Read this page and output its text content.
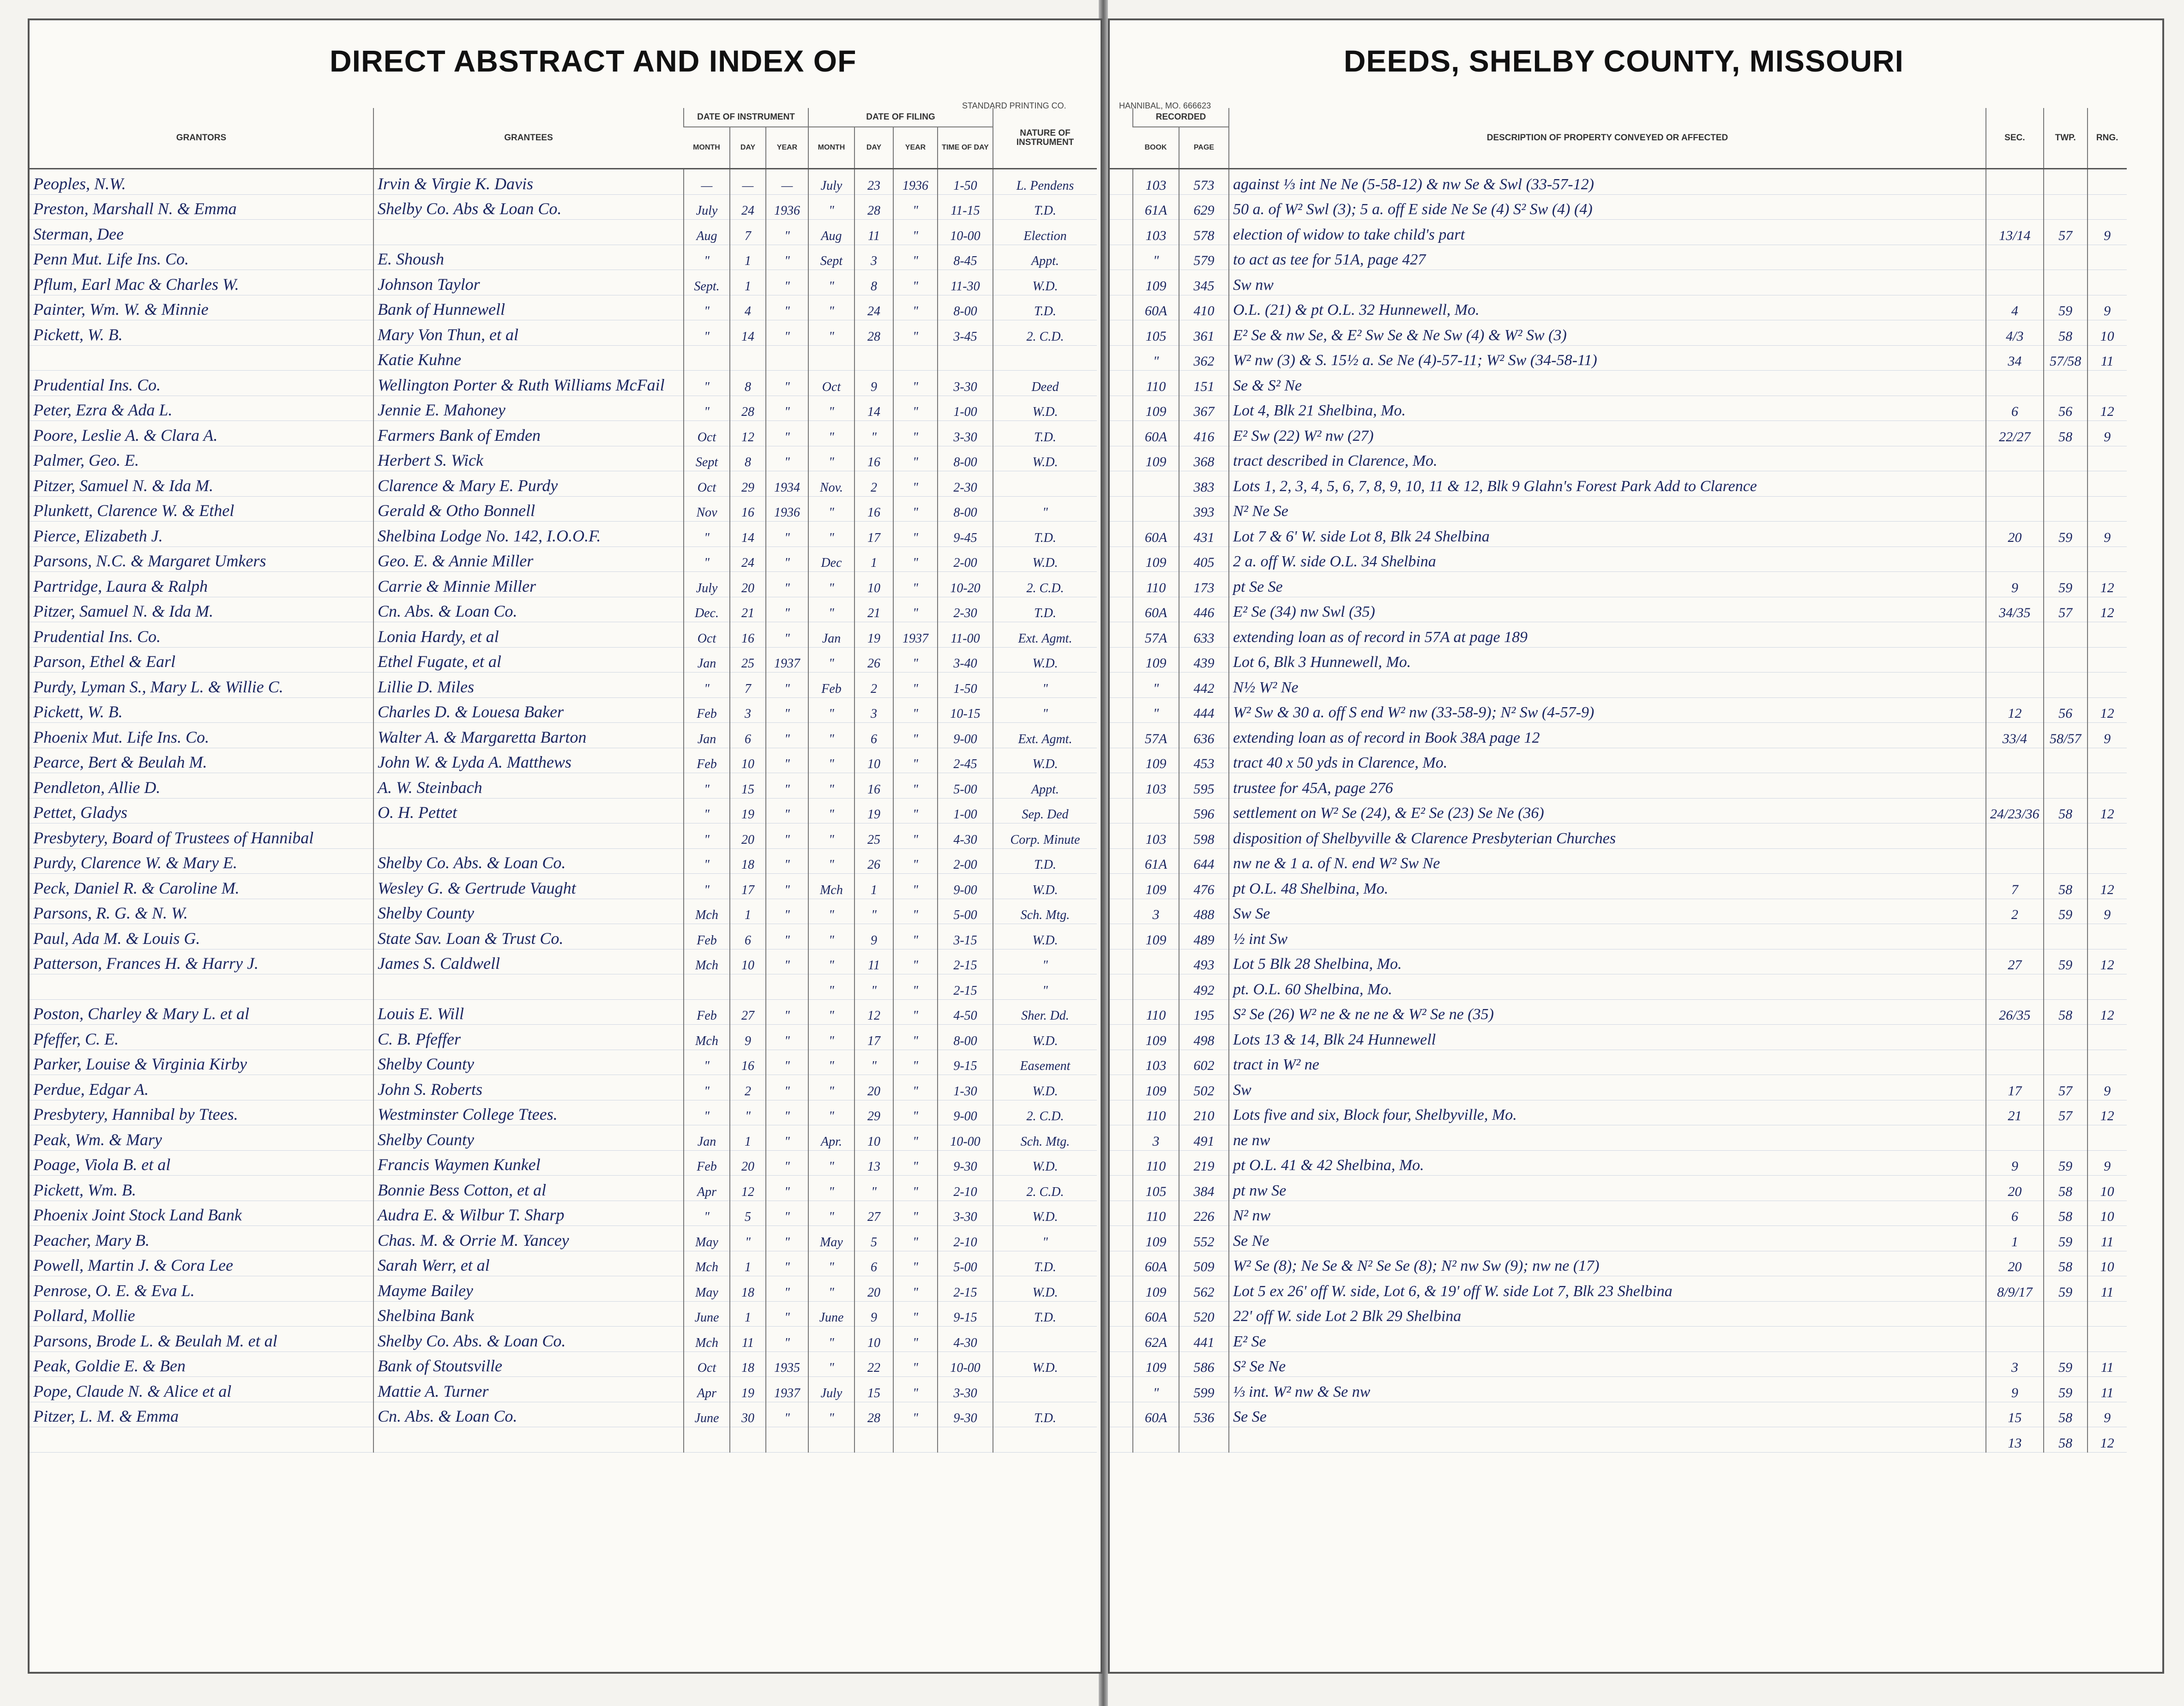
DIRECT ABSTRACT AND INDEX OF
STANDARD PRINTING CO.
GRANTORS	GRANTEES	DATE OF INSTRUMENT			DATE OF FILING				NATURE OF INSTRUMENT
		MONTH	DAY	YEAR	MONTH	DAY	YEAR	TIME OF DAY	
Peoples, N.W.	Irvin & Virgie K. Davis	—	—	—	July	23	1936	1-50	L. Pendens
Preston, Marshall N. & Emma	Shelby Co. Abs & Loan Co.	July	24	1936	"	28	"	11-15	T.D.
Sterman, Dee		Aug	7	"	Aug	11	"	10-00	Election
Penn Mut. Life Ins. Co.	E. Shoush	"	1	"	Sept	3	"	8-45	Appt.
Pflum, Earl Mac & Charles W.	Johnson Taylor	Sept.	1	"	"	8	"	11-30	W.D.
Painter, Wm. W. & Minnie	Bank of Hunnewell	"	4	"	"	24	"	8-00	T.D.
Pickett, W. B.	Mary Von Thun, et al	"	14	"	"	28	"	3-45	2. C.D.
	Katie Kuhne								
Prudential Ins. Co.	Wellington Porter & Ruth Williams McFail	"	8	"	Oct	9	"	3-30	Deed
Peter, Ezra & Ada L.	Jennie E. Mahoney	"	28	"	"	14	"	1-00	W.D.
Poore, Leslie A. & Clara A.	Farmers Bank of Emden	Oct	12	"	"	"	"	3-30	T.D.
Palmer, Geo. E.	Herbert S. Wick	Sept	8	"	"	16	"	8-00	W.D.
Pitzer, Samuel N. & Ida M.	Clarence & Mary E. Purdy	Oct	29	1934	Nov.	2	"	2-30	
Plunkett, Clarence W. & Ethel	Gerald & Otho Bonnell	Nov	16	1936	"	16	"	8-00	"
Pierce, Elizabeth J.	Shelbina Lodge No. 142, I.O.O.F.	"	14	"	"	17	"	9-45	T.D.
Parsons, N.C. & Margaret Umkers	Geo. E. & Annie Miller	"	24	"	Dec	1	"	2-00	W.D.
Partridge, Laura & Ralph	Carrie & Minnie Miller	July	20	"	"	10	"	10-20	2. C.D.
Pitzer, Samuel N. & Ida M.	Cn. Abs. & Loan Co.	Dec.	21	"	"	21	"	2-30	T.D.
Prudential Ins. Co.	Lonia Hardy, et al	Oct	16	"	Jan	19	1937	11-00	Ext. Agmt.
Parson, Ethel & Earl	Ethel Fugate, et al	Jan	25	1937	"	26	"	3-40	W.D.
Purdy, Lyman S., Mary L. & Willie C.	Lillie D. Miles	"	7	"	Feb	2	"	1-50	"
Pickett, W. B.	Charles D. & Louesa Baker	Feb	3	"	"	3	"	10-15	"
Phoenix Mut. Life Ins. Co.	Walter A. & Margaretta Barton	Jan	6	"	"	6	"	9-00	Ext. Agmt.
Pearce, Bert & Beulah M.	John W. & Lyda A. Matthews	Feb	10	"	"	10	"	2-45	W.D.
Pendleton, Allie D.	A. W. Steinbach	"	15	"	"	16	"	5-00	Appt.
Pettet, Gladys	O. H. Pettet	"	19	"	"	19	"	1-00	Sep. Ded
Presbytery, Board of Trustees of Hannibal		"	20	"	"	25	"	4-30	Corp. Minute
Purdy, Clarence W. & Mary E.	Shelby Co. Abs. & Loan Co.	"	18	"	"	26	"	2-00	T.D.
Peck, Daniel R. & Caroline M.	Wesley G. & Gertrude Vaught	"	17	"	Mch	1	"	9-00	W.D.
Parsons, R. G. & N. W.	Shelby County	Mch	1	"	"	"	"	5-00	Sch. Mtg.
Paul, Ada M. & Louis G.	State Sav. Loan & Trust Co.	Feb	6	"	"	9	"	3-15	W.D.
Patterson, Frances H. & Harry J.	James S. Caldwell	Mch	10	"	"	11	"	2-15	"
					"	"	"	2-15	"
Poston, Charley & Mary L. et al	Louis E. Will	Feb	27	"	"	12	"	4-50	Sher. Dd.
Pfeffer, C. E.	C. B. Pfeffer	Mch	9	"	"	17	"	8-00	W.D.
Parker, Louise & Virginia Kirby	Shelby County	"	16	"	"	"	"	9-15	Easement
Perdue, Edgar A.	John S. Roberts	"	2	"	"	20	"	1-30	W.D.
Presbytery, Hannibal by Ttees.	Westminster College Ttees.	"	"	"	"	29	"	9-00	2. C.D.
Peak, Wm. & Mary	Shelby County	Jan	1	"	Apr.	10	"	10-00	Sch. Mtg.
Poage, Viola B. et al	Francis Waymen Kunkel	Feb	20	"	"	13	"	9-30	W.D.
Pickett, Wm. B.	Bonnie Bess Cotton, et al	Apr	12	"	"	"	"	2-10	2. C.D.
Phoenix Joint Stock Land Bank	Audra E. & Wilbur T. Sharp	"	5	"	"	27	"	3-30	W.D.
Peacher, Mary B.	Chas. M. & Orrie M. Yancey	May	"	"	May	5	"	2-10	"
Powell, Martin J. & Cora Lee	Sarah Werr, et al	Mch	1	"	"	6	"	5-00	T.D.
Penrose, O. E. & Eva L.	Mayme Bailey	May	18	"	"	20	"	2-15	W.D.
Pollard, Mollie	Shelbina Bank	June	1	"	June	9	"	9-15	T.D.
Parsons, Brode L. & Beulah M. et al	Shelby Co. Abs. & Loan Co.	Mch	11	"	"	10	"	4-30	
Peak, Goldie E. & Ben	Bank of Stoutsville	Oct	18	1935	"	22	"	10-00	W.D.
Pope, Claude N. & Alice et al	Mattie A. Turner	Apr	19	1937	July	15	"	3-30	
Pitzer, L. M. & Emma	Cn. Abs. & Loan Co.	June	30	"	"	28	"	9-30	T.D.

DEEDS, SHELBY COUNTY, MISSOURI
HANNIBAL, MO. 666623
	RECORDED		DESCRIPTION OF PROPERTY CONVEYED OR AFFECTED	SEC.	TWP.	RNG.
	BOOK	PAGE				
	103	573	against ⅓ int Ne Ne (5-58-12) & nw Se & Swl (33-57-12)			
	61A	629	50 a. of W² Swl (3); 5 a. off E side Ne Se (4) S² Sw (4) (4)			
	103	578	election of widow to take child's part	13/14	57	9
	"	579	to act as tee for 51A, page 427			
	109	345	Sw nw			
	60A	410	O.L. (21) & pt O.L. 32 Hunnewell, Mo.	4	59	9
	105	361	E² Se & nw Se, & E² Sw Se & Ne Sw (4) & W² Sw (3)	4/3	58	10
	"	362	W² nw (3) & S. 15½ a. Se Ne (4)-57-11; W² Sw (34-58-11)	34	57/58	11
	110	151	Se & S² Ne			
	109	367	Lot 4, Blk 21 Shelbina, Mo.	6	56	12
	60A	416	E² Sw (22) W² nw (27)	22/27	58	9
	109	368	tract described in Clarence, Mo.			
		383	Lots 1, 2, 3, 4, 5, 6, 7, 8, 9, 10, 11 & 12, Blk 9 Glahn's Forest Park Add to Clarence			
		393	N² Ne Se			
	60A	431	Lot 7 & 6' W. side Lot 8, Blk 24 Shelbina	20	59	9
	109	405	2 a. off W. side O.L. 34 Shelbina			
	110	173	pt Se Se	9	59	12
	60A	446	E² Se (34) nw Swl (35)	34/35	57	12
	57A	633	extending loan as of record in 57A at page 189			
	109	439	Lot 6, Blk 3 Hunnewell, Mo.			
	"	442	N½ W² Ne			
	"	444	W² Sw & 30 a. off S end W² nw (33-58-9); N² Sw (4-57-9)	12	56	12
	57A	636	extending loan as of record in Book 38A page 12	33/4	58/57	9
	109	453	tract 40 x 50 yds in Clarence, Mo.			
	103	595	trustee for 45A, page 276			
		596	settlement on W² Se (24), & E² Se (23) Se Ne (36)	24/23/36	58	12
	103	598	disposition of Shelbyville & Clarence Presbyterian Churches			
	61A	644	nw ne & 1 a. of N. end W² Sw Ne			
	109	476	pt O.L. 48 Shelbina, Mo.	7	58	12
	3	488	Sw Se	2	59	9
	109	489	½ int Sw			
		493	Lot 5 Blk 28 Shelbina, Mo.	27	59	12
		492	pt. O.L. 60 Shelbina, Mo.			
	110	195	S² Se (26) W² ne & ne ne & W² Se ne (35)	26/35	58	12
	109	498	Lots 13 & 14, Blk 24 Hunnewell			
	103	602	tract in W² ne			
	109	502	Sw	17	57	9
	110	210	Lots five and six, Block four, Shelbyville, Mo.	21	57	12
	3	491	ne nw			
	110	219	pt O.L. 41 & 42 Shelbina, Mo.	9	59	9
	105	384	pt nw Se	20	58	10
	110	226	N² nw	6	58	10
	109	552	Se Ne	1	59	11
	60A	509	W² Se (8); Ne Se & N² Se Se (8); N² nw Sw (9); nw ne (17)	20	58	10
	109	562	Lot 5 ex 26' off W. side, Lot 6, & 19' off W. side Lot 7, Blk 23 Shelbina	8/9/17	59	11
	60A	520	22' off W. side Lot 2 Blk 29 Shelbina			
	62A	441	E² Se			
	109	586	S² Se Ne	3	59	11
	"	599	⅓ int. W² nw & Se nw	9	59	11
	60A	536	Se Se	15	58	9
				13	58	12
